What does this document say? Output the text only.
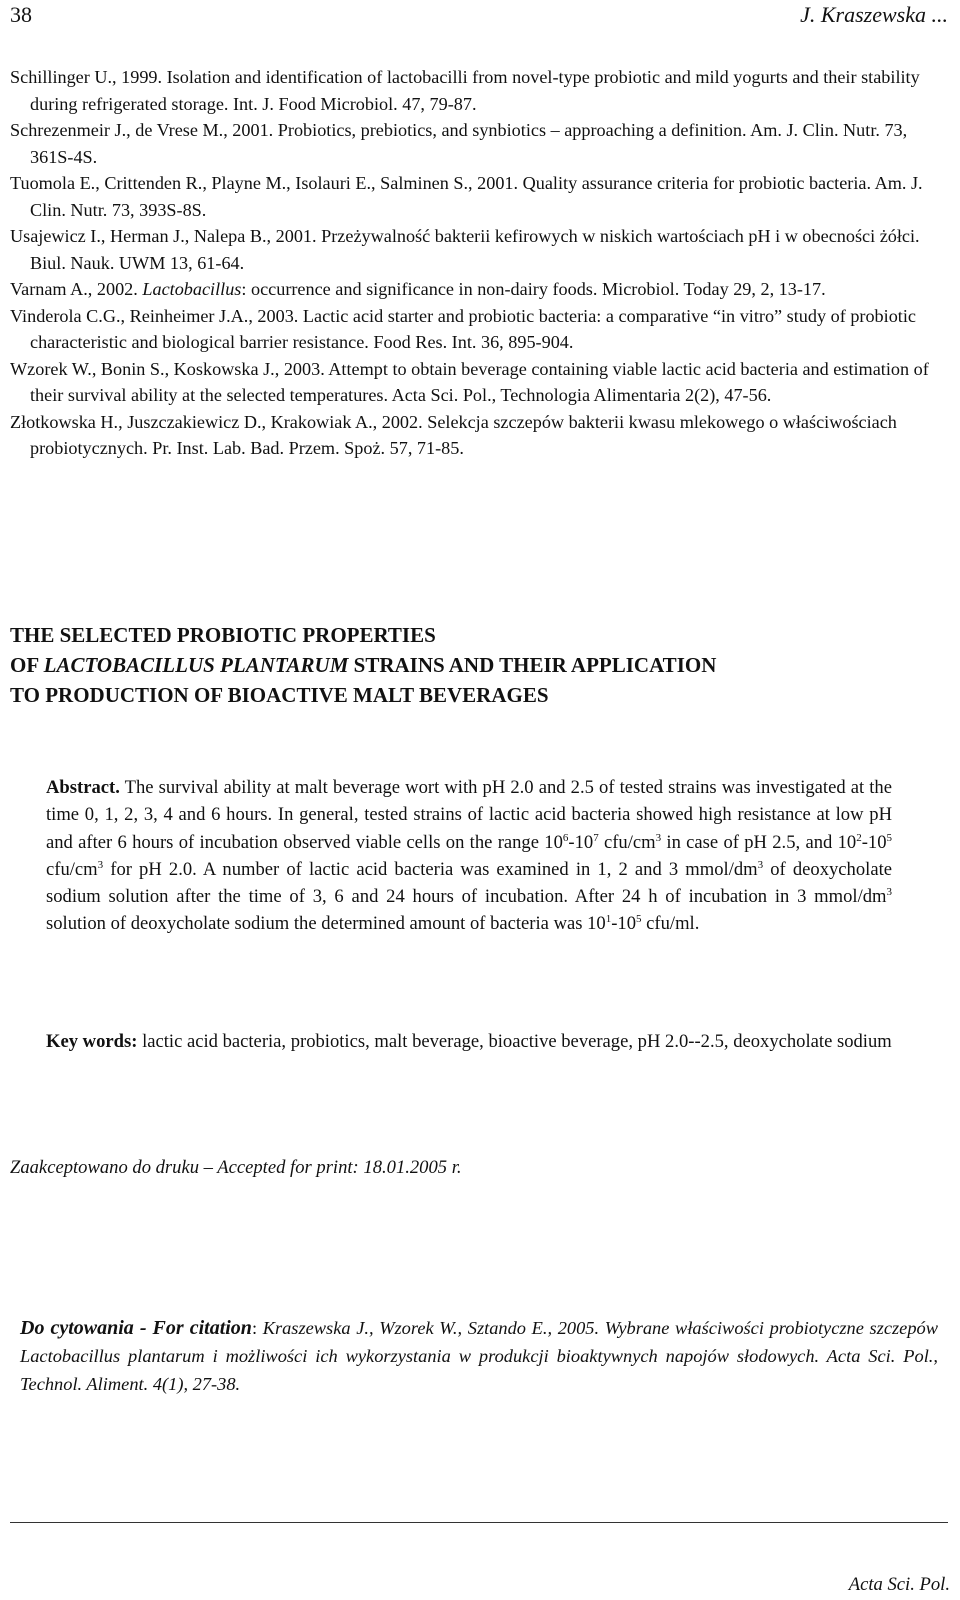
38	J. Kraszewska ...

Schillinger U., 1999. Isolation and identification of lactobacilli from novel-type probiotic and mild yogurts and their stability during refrigerated storage. Int. J. Food Microbiol. 47, 79-87.

Schrezenmeir J., de Vrese M., 2001. Probiotics, prebiotics, and synbiotics – approaching a definition. Am. J. Clin. Nutr. 73, 361S-4S.

Tuomola E., Crittenden R., Playne M., Isolauri E., Salminen S., 2001. Quality assurance criteria for probiotic bacteria. Am. J. Clin. Nutr. 73, 393S-8S.

Usajewicz I., Herman J., Nalepa B., 2001. Przeżywalność bakterii kefirowych w niskich wartościach pH i w obecności żółci. Biul. Nauk. UWM 13, 61-64.

Varnam A., 2002. Lactobacillus: occurrence and significance in non-dairy foods. Microbiol. Today 29, 2, 13-17.

Vinderola C.G., Reinheimer J.A., 2003. Lactic acid starter and probiotic bacteria: a comparative “in vitro” study of probiotic characteristic and biological barrier resistance. Food Res. Int. 36, 895-904.

Wzorek W., Bonin S., Koskowska J., 2003. Attempt to obtain beverage containing viable lactic acid bacteria and estimation of their survival ability at the selected temperatures. Acta Sci. Pol., Technologia Alimentaria 2(2), 47-56.

Złotkowska H., Juszczakiewicz D., Krakowiak A., 2002. Selekcja szczepów bakterii kwasu mlekowego o właściwościach probiotycznych. Pr. Inst. Lab. Bad. Przem. Spoż. 57, 71-85.

THE SELECTED PROBIOTIC PROPERTIES
OF LACTOBACILLUS PLANTARUM STRAINS AND THEIR APPLICATION
TO PRODUCTION OF BIOACTIVE MALT BEVERAGES
Abstract. The survival ability at malt beverage wort with pH 2.0 and 2.5 of tested strains was investigated at the time 0, 1, 2, 3, 4 and 6 hours. In general, tested strains of lactic acid bacteria showed high resistance at low pH and after 6 hours of incubation observed viable cells on the range $10^6-10^7$ cfu/$cm^3$ in case of pH 2.5, and $10^2-10^5$ cfu/$cm^3$ for pH 2.0. A number of lactic acid bacteria was examined in 1, 2 and 3 mmol/$dm^3$ of deoxycholate sodium solution after the time of 3, 6 and 24 hours of incubation. After 24 h of incubation in 3 mmol/$dm^3$ solution of deoxycholate sodium the determined amount of bacteria was $10^1-10^5$ cfu/ml.
Key words: lactic acid bacteria, probiotics, malt beverage, bioactive beverage, pH 2.0--2.5, deoxycholate sodium
Zaakceptowano do druku – Accepted for print: 18.01.2005 r.
Do cytowania - For citation: Kraszewska J., Wzorek W., Sztando E., 2005. Wybrane właściwości probiotyczne szczepów Lactobacillus plantarum i możliwości ich wykorzystania w produkcji bioaktywnych napojów słodowych. Acta Sci. Pol., Technol. Aliment. 4(1), 27-38.
Acta Sci. Pol.
